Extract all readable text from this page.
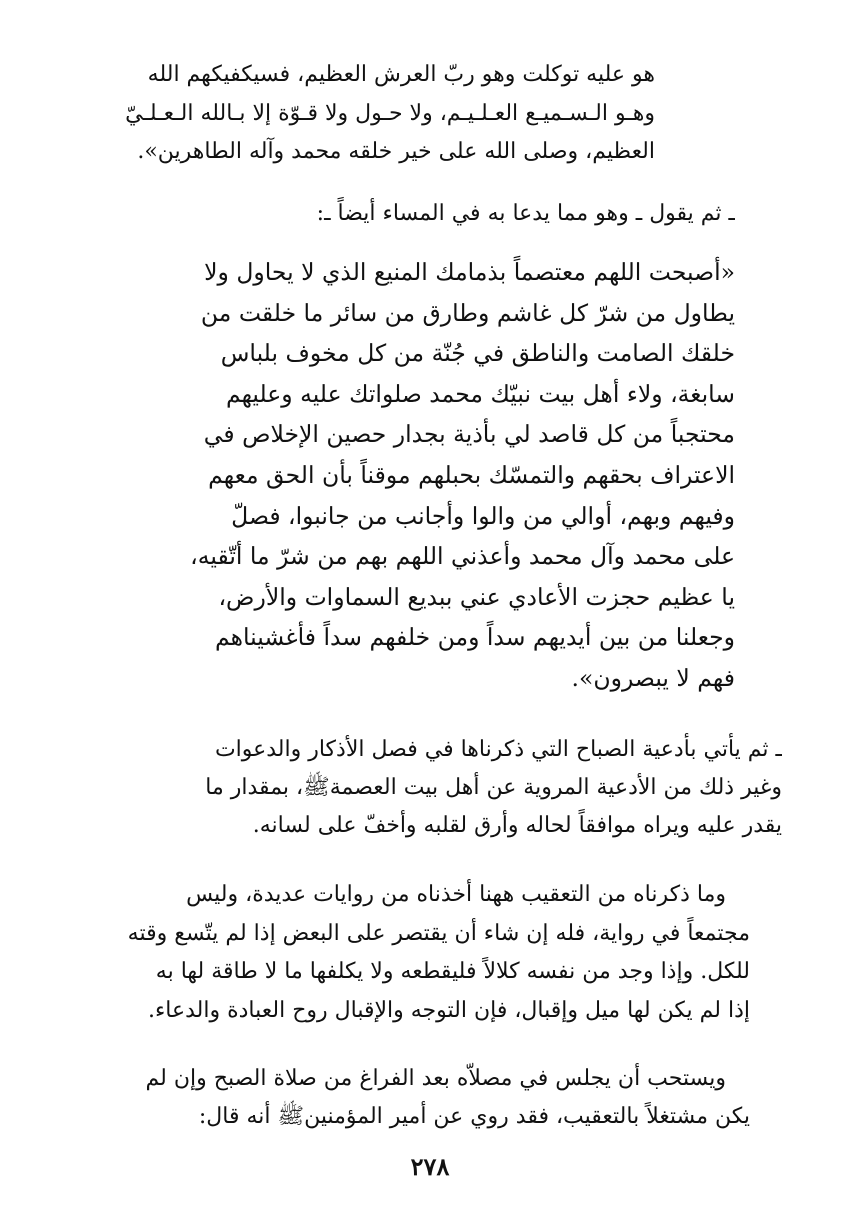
هو عليه توكلت وهو ربّ العرش العظيم، فسيكفيكهم الله
وهـو الـسـميـع العـلـيـم، ولا حـول ولا قـوّة إلا بـالله الـعـلـيّ
العظيم، وصلى الله على خير خلقه محمد وآله الطاهرين».
ـ ثم يقول ـ وهو مما يدعا به في المساء أيضاً ـ:
«أصبحت اللهم معتصماً بذمامك المنيع الذي لا يحاول ولا
يطاول من شرّ كل غاشم وطارق من سائر ما خلقت من
خلقك الصامت والناطق في جُنّة من كل مخوف بلباس
سابغة، ولاء أهل بيت نبيّك محمد صلواتك عليه وعليهم
محتجباً من كل قاصد لي بأذية بجدار حصين الإخلاص في
الاعتراف بحقهم والتمسّك بحبلهم موقناً بأن الحق معهم
وفيهم وبهم، أوالي من والوا وأجانب من جانبوا، فصلّ
على محمد وآل محمد وأعذني اللهم بهم من شرّ ما أتّقيه،
يا عظيم حجزت الأعادي عني ببديع السماوات والأرض،
وجعلنا من بين أيديهم سداً ومن خلفهم سداً فأغشيناهم
فهم لا يبصرون».
ـ ثم يأتي بأدعية الصباح التي ذكرناها في فصل الأذكار والدعوات
وغير ذلك من الأدعية المروية عن أهل بيت العصمةﷺ، بمقدار ما
يقدر عليه ويراه موافقاً لحاله وأرق لقلبه وأخفّ على لسانه.
وما ذكرناه من التعقيب ههنا أخذناه من روايات عديدة، وليس
مجتمعاً في رواية، فله إن شاء أن يقتصر على البعض إذا لم يتّسع وقته
للكل. وإذا وجد من نفسه كلالاً فليقطعه ولا يكلفها ما لا طاقة لها به
إذا لم يكن لها ميل وإقبال، فإن التوجه والإقبال روح العبادة والدعاء.
ويستحب أن يجلس في مصلاّه بعد الفراغ من صلاة الصبح وإن لم
يكن مشتغلاً بالتعقيب، فقد روي عن أمير المؤمنينﷺ أنه قال:
٢٧٨
